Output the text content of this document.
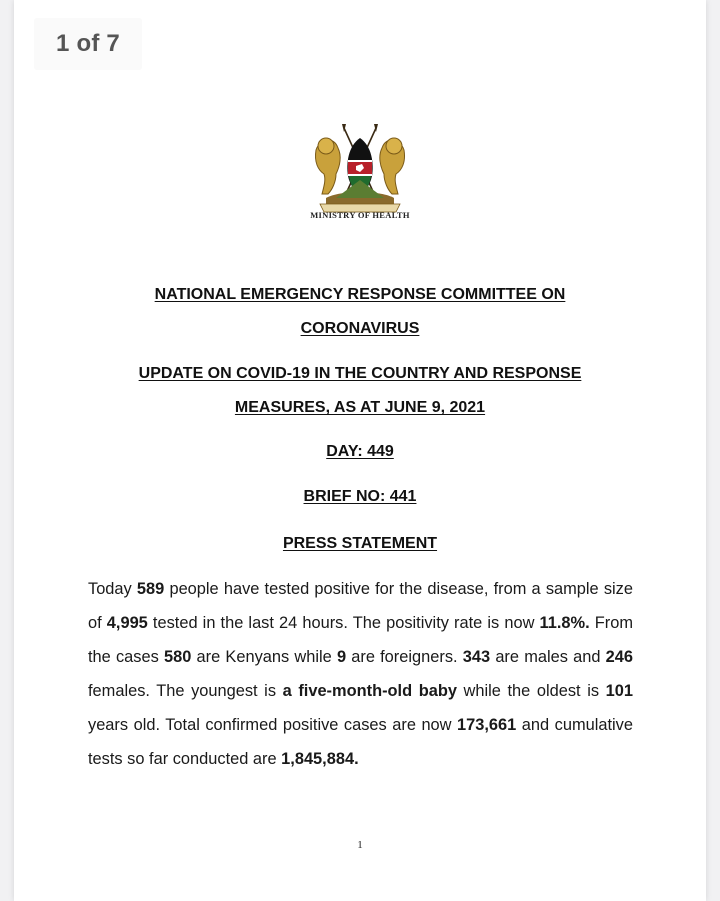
MINISTRY OF HEALTH
NATIONAL EMERGENCY RESPONSE COMMITTEE ON
CORONAVIRUS
UPDATE ON COVID-19 IN THE COUNTRY AND RESPONSE
MEASURES, AS AT JUNE 9, 2021
DAY: 449
BRIEF NO: 441
PRESS STATEMENT

Today 589 people have tested positive for the disease, from a sample size of 4,995 tested in the last 24 hours. The positivity rate is now 11.8%. From the cases 580 are Kenyans while 9 are foreigners. 343 are males and 246 females. The youngest is a five-month-old baby while the oldest is 101 years old. Total confirmed positive cases are now 173,661 and cumulative tests so far conducted are 1,845,884.

1
1 of 7
